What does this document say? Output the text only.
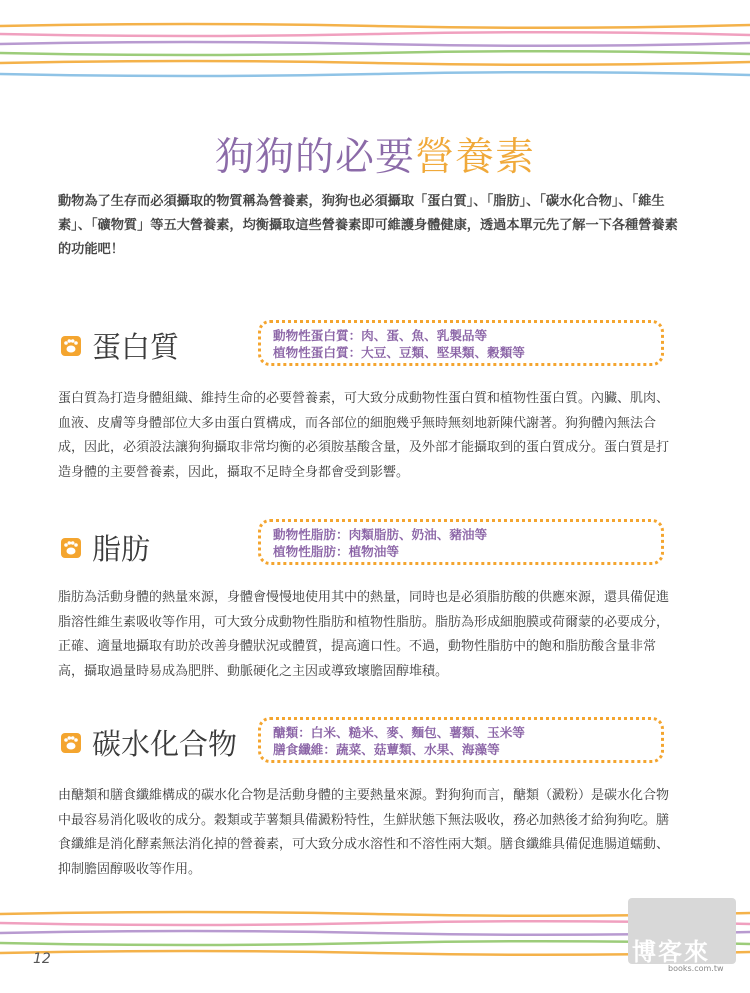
狗狗的必要營養素

動物為了生存而必須攝取的物質稱為營養素，狗狗也必須攝取「蛋白質」、「脂肪」、「碳水化合物」、「維生素」、「礦物質」等五大營養素，均衡攝取這些營養素即可維護身體健康，透過本單元先了解一下各種營養素的功能吧！

蛋白質	動物性蛋白質：肉、蛋、魚、乳製品等
植物性蛋白質：大豆、豆類、堅果類、穀類等

蛋白質為打造身體組織、維持生命的必要營養素，可大致分成動物性蛋白質和植物性蛋白質。內臟、肌肉、血液、皮膚等身體部位大多由蛋白質構成，而各部位的細胞幾乎無時無刻地新陳代謝著。狗狗體內無法合成，因此，必須設法讓狗狗攝取非常均衡的必須胺基酸含量，及外部才能攝取到的蛋白質成分。蛋白質是打造身體的主要營養素，因此，攝取不足時全身都會受到影響。

脂肪	動物性脂肪：肉類脂肪、奶油、豬油等
植物性脂肪：植物油等

脂肪為活動身體的熱量來源，身體會慢慢地使用其中的熱量，同時也是必須脂肪酸的供應來源，還具備促進脂溶性維生素吸收等作用，可大致分成動物性脂肪和植物性脂肪。脂肪為形成細胞膜或荷爾蒙的必要成分，正確、適量地攝取有助於改善身體狀況或體質，提高適口性。不過，動物性脂肪中的飽和脂肪酸含量非常高，攝取過量時易成為肥胖、動脈硬化之主因或導致壞膽固醇堆積。

碳水化合物	醣類：白米、糙米、麥、麵包、薯類、玉米等
膳食纖維：蔬菜、菇蕈類、水果、海藻等

由醣類和膳食纖維構成的碳水化合物是活動身體的主要熱量來源。對狗狗而言，醣類（澱粉）是碳水化合物中最容易消化吸收的成分。穀類或芋薯類具備澱粉特性，生鮮狀態下無法吸收，務必加熱後才給狗狗吃。膳食纖維是消化酵素無法消化掉的營養素，可大致分成水溶性和不溶性兩大類。膳食纖維具備促進腸道蠕動、抑制膽固醇吸收等作用。

12	博客來
books.com.tw
